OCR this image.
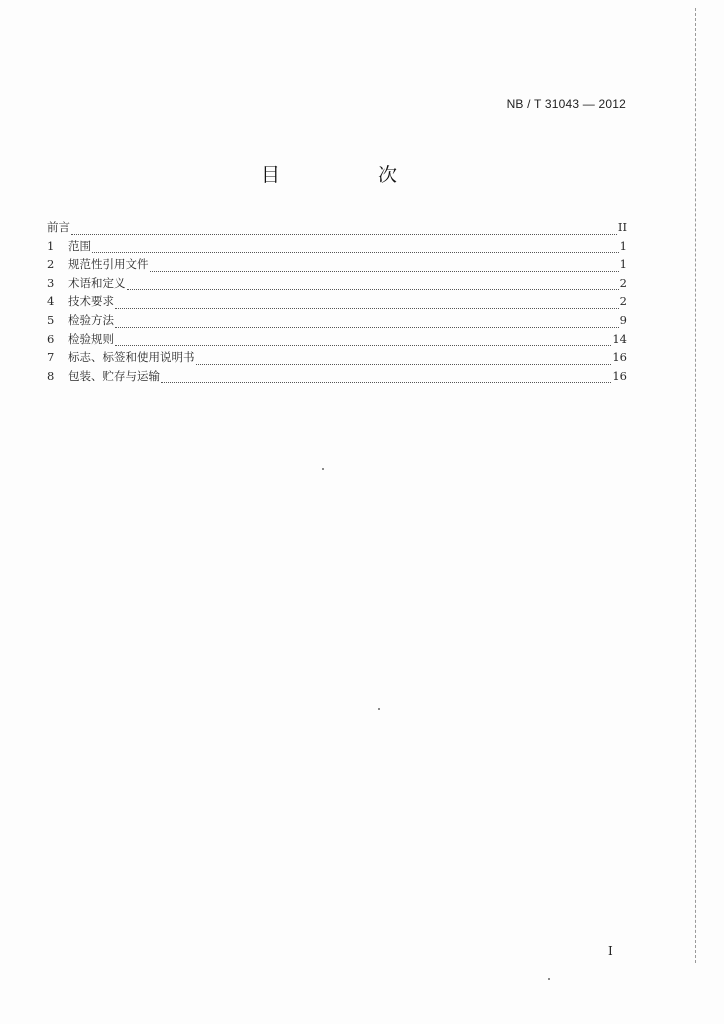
NB / T 31043 — 2012
目 次
前言	II
1	范围	1
2	规范性引用文件	1
3	术语和定义	2
4	技术要求	2
5	检验方法	9
6	检验规则	14
7	标志、标签和使用说明书	16
8	包装、贮存与运输	16
I
